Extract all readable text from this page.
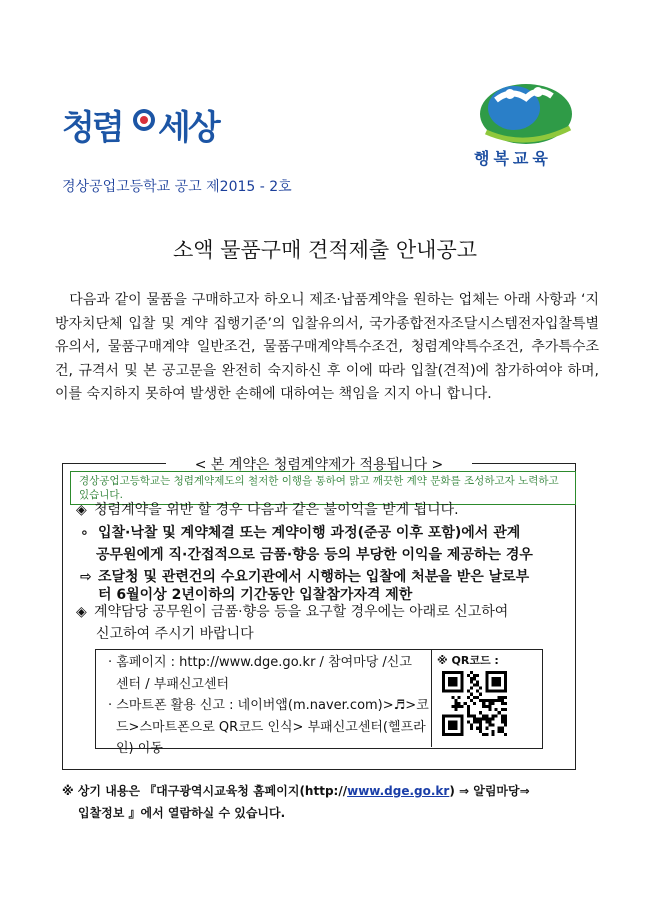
청렴 세상
행복교육
경상공업고등학교 공고 제2015 - 2호
소액 물품구매 견적제출 안내공고
다음과 같이 물품을 구매하고자 하오니 제조·납품계약을 원하는 업체는 아래 사항과 ‘지방자치단체 입찰 및 계약 집행기준’의 입찰유의서, 국가종합전자조달시스템전자입찰특별유의서, 물품구매계약 일반조건, 물품구매계약특수조건, 청렴계약특수조건, 추가특수조건, 규격서 및 본 공고문을 완전히 숙지하신 후 이에 따라 입찰(견적)에 참가하여야 하며, 이를 숙지하지 못하여 발생한 손해에 대하여는 책임을 지지 아니 합니다.
< 본 계약은 청렴계약제가 적용됩니다 >
경상공업고등학교는 청렴계약제도의 철저한 이행을 통하여 맑고 깨끗한 계약 문화를 조성하고자 노력하고 있습니다.
◈ 청렴계약을 위반 할 경우 다음과 같은 불이익을 받게 됩니다.
∘ 입찰·낙찰 및 계약체결 또는 계약이행 과정(준공 이후 포함)에서 관계
공무원에게 직·간접적으로 금품·향응 등의 부당한 이익을 제공하는 경우
⇨ 조달청 및 관련건의 수요기관에서 시행하는 입찰에 처분을 받은 날로부
터 6월이상 2년이하의 기간동안 입찰참가자격 제한
◈ 계약담당 공무원이 금품·향응 등을 요구할 경우에는 아래로 신고하여
신고하여 주시기 바랍니다
· 홈페이지 : http://www.dge.go.kr / 참여마당 /신고
센터 / 부패신고센터
· 스마트폰 활용 신고 : 네이버앱(m.naver.com)>♬>코
드>스마트폰으로 QR코드 인식> 부패신고센터(헬프라
인) 이동
※ QR코드 :
※ 상기 내용은 『대구광역시교육청 홈페이지(http://www.dge.go.kr) ⇒ 알림마당⇒
입찰정보 』에서 열람하실 수 있습니다.
